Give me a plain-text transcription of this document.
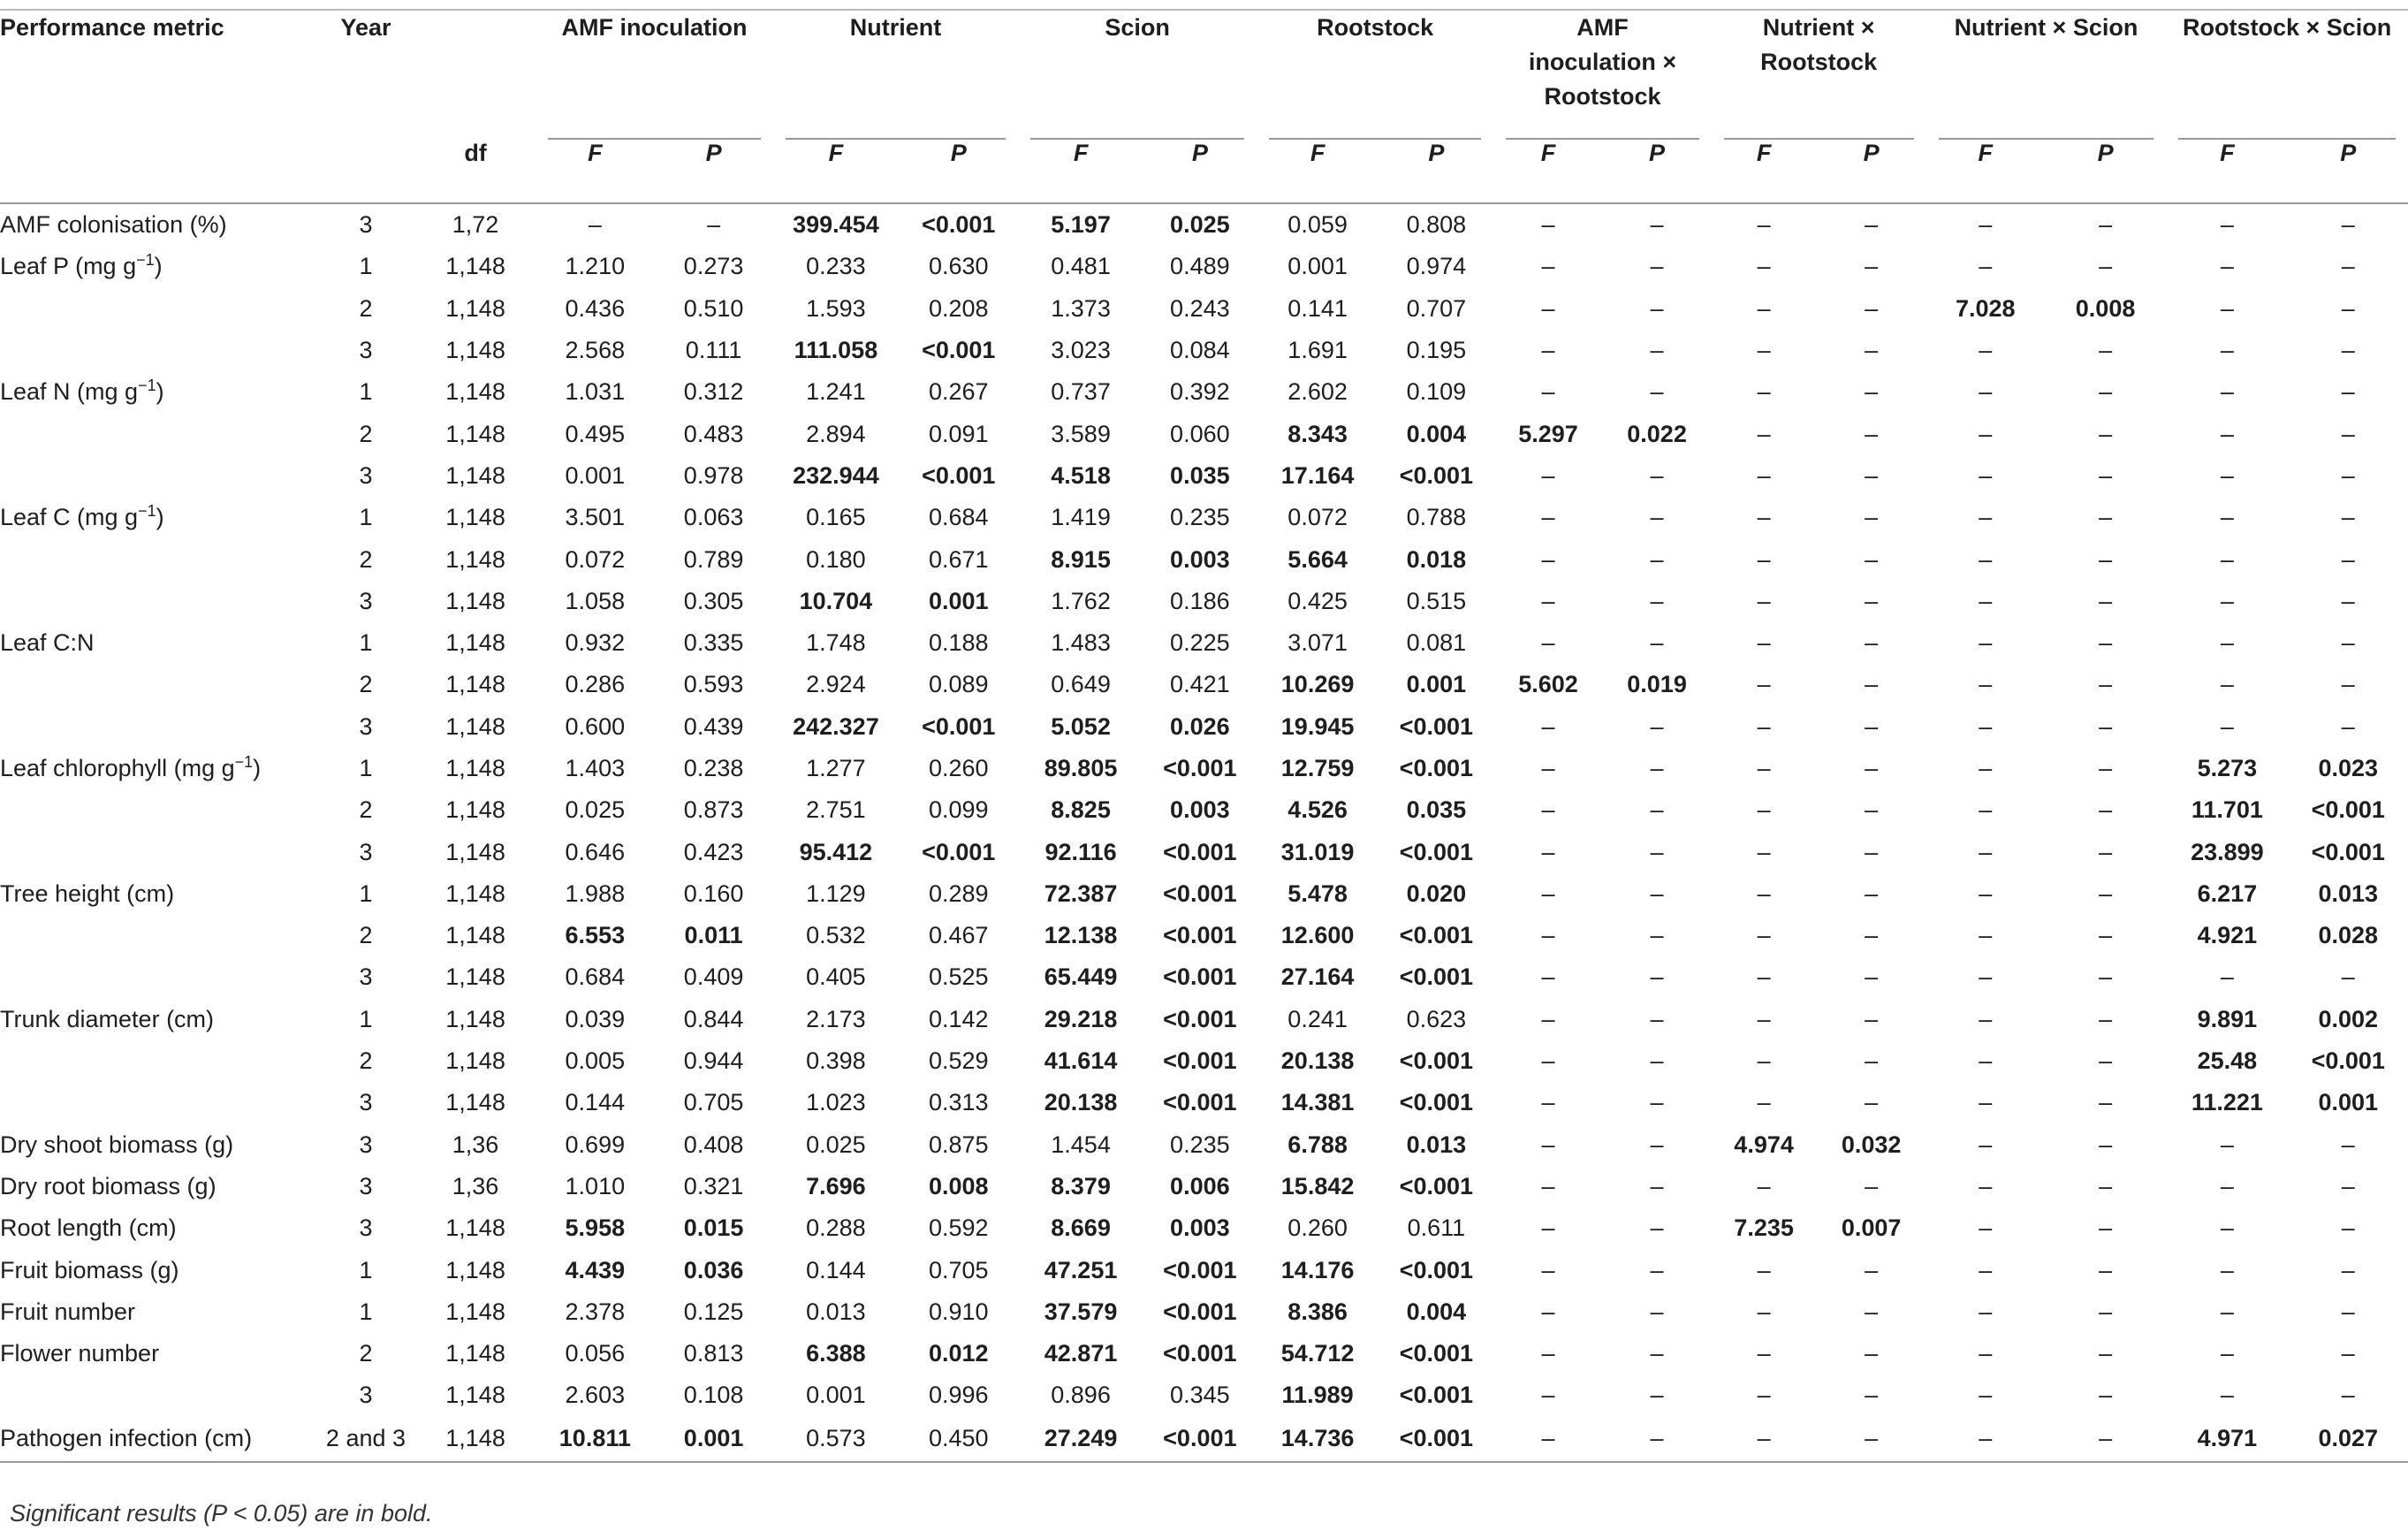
Performance metric	Year		AMF inoculation		Nutrient		Scion		Rootstock		AMF inoculation × Rootstock		Nutrient × Rootstock		Nutrient × Scion		Rootstock × Scion	

		df	F	P	F	P	F	P	F	P	F	P	F	P	F	P	F	P
AMF colonisation (%)	3	1,72	–	–	399.454	<0.001	5.197	0.025	0.059	0.808	–	–	–	–	–	–	–	–
Leaf P (mg $g^{-1}$)	1	1,148	1.210	0.273	0.233	0.630	0.481	0.489	0.001	0.974	–	–	–	–	–	–	–	–
	2	1,148	0.436	0.510	1.593	0.208	1.373	0.243	0.141	0.707	–	–	–	–	7.028	0.008	–	–
	3	1,148	2.568	0.111	111.058	<0.001	3.023	0.084	1.691	0.195	–	–	–	–	–	–	–	–
Leaf N (mg $g^{-1}$)	1	1,148	1.031	0.312	1.241	0.267	0.737	0.392	2.602	0.109	–	–	–	–	–	–	–	–
	2	1,148	0.495	0.483	2.894	0.091	3.589	0.060	8.343	0.004	5.297	0.022	–	–	–	–	–	–
	3	1,148	0.001	0.978	232.944	<0.001	4.518	0.035	17.164	<0.001	–	–	–	–	–	–	–	–
Leaf C (mg $g^{-1}$)	1	1,148	3.501	0.063	0.165	0.684	1.419	0.235	0.072	0.788	–	–	–	–	–	–	–	–
	2	1,148	0.072	0.789	0.180	0.671	8.915	0.003	5.664	0.018	–	–	–	–	–	–	–	–
	3	1,148	1.058	0.305	10.704	0.001	1.762	0.186	0.425	0.515	–	–	–	–	–	–	–	–
Leaf C:N	1	1,148	0.932	0.335	1.748	0.188	1.483	0.225	3.071	0.081	–	–	–	–	–	–	–	–
	2	1,148	0.286	0.593	2.924	0.089	0.649	0.421	10.269	0.001	5.602	0.019	–	–	–	–	–	–
	3	1,148	0.600	0.439	242.327	<0.001	5.052	0.026	19.945	<0.001	–	–	–	–	–	–	–	–
Leaf chlorophyll (mg $g^{-1}$)	1	1,148	1.403	0.238	1.277	0.260	89.805	<0.001	12.759	<0.001	–	–	–	–	–	–	5.273	0.023
	2	1,148	0.025	0.873	2.751	0.099	8.825	0.003	4.526	0.035	–	–	–	–	–	–	11.701	<0.001
	3	1,148	0.646	0.423	95.412	<0.001	92.116	<0.001	31.019	<0.001	–	–	–	–	–	–	23.899	<0.001
Tree height (cm)	1	1,148	1.988	0.160	1.129	0.289	72.387	<0.001	5.478	0.020	–	–	–	–	–	–	6.217	0.013
	2	1,148	6.553	0.011	0.532	0.467	12.138	<0.001	12.600	<0.001	–	–	–	–	–	–	4.921	0.028
	3	1,148	0.684	0.409	0.405	0.525	65.449	<0.001	27.164	<0.001	–	–	–	–	–	–	–	–
Trunk diameter (cm)	1	1,148	0.039	0.844	2.173	0.142	29.218	<0.001	0.241	0.623	–	–	–	–	–	–	9.891	0.002
	2	1,148	0.005	0.944	0.398	0.529	41.614	<0.001	20.138	<0.001	–	–	–	–	–	–	25.48	<0.001
	3	1,148	0.144	0.705	1.023	0.313	20.138	<0.001	14.381	<0.001	–	–	–	–	–	–	11.221	0.001
Dry shoot biomass (g)	3	1,36	0.699	0.408	0.025	0.875	1.454	0.235	6.788	0.013	–	–	4.974	0.032	–	–	–	–
Dry root biomass (g)	3	1,36	1.010	0.321	7.696	0.008	8.379	0.006	15.842	<0.001	–	–	–	–	–	–	–	–
Root length (cm)	3	1,148	5.958	0.015	0.288	0.592	8.669	0.003	0.260	0.611	–	–	7.235	0.007	–	–	–	–
Fruit biomass (g)	1	1,148	4.439	0.036	0.144	0.705	47.251	<0.001	14.176	<0.001	–	–	–	–	–	–	–	–
Fruit number	1	1,148	2.378	0.125	0.013	0.910	37.579	<0.001	8.386	0.004	–	–	–	–	–	–	–	–
Flower number	2	1,148	0.056	0.813	6.388	0.012	42.871	<0.001	54.712	<0.001	–	–	–	–	–	–	–	–
	3	1,148	2.603	0.108	0.001	0.996	0.896	0.345	11.989	<0.001	–	–	–	–	–	–	–	–
Pathogen infection (cm)	2 and 3	1,148	10.811	0.001	0.573	0.450	27.249	<0.001	14.736	<0.001	–	–	–	–	–	–	4.971	0.027
Significant results (P < 0.05) are in bold.
